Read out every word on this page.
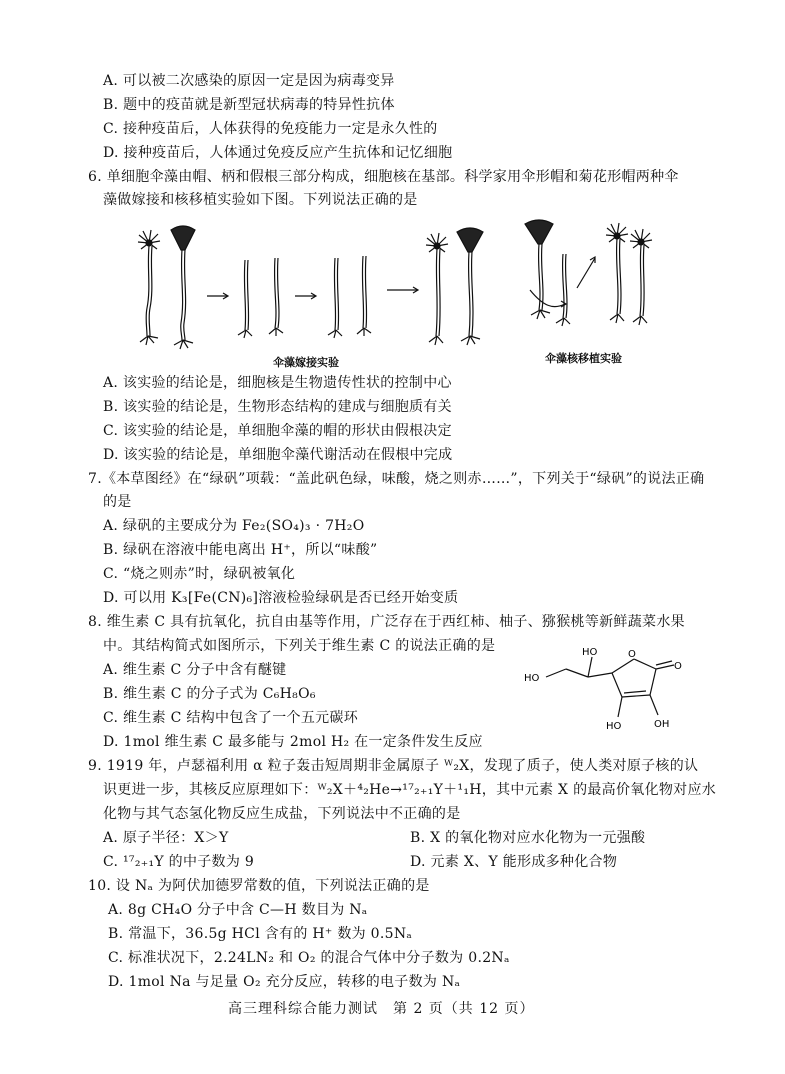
A. 可以被二次感染的原因一定是因为病毒变异
B. 题中的疫苗就是新型冠状病毒的特异性抗体
C. 接种疫苗后，人体获得的免疫能力一定是永久性的
D. 接种疫苗后，人体通过免疫反应产生抗体和记忆细胞
6. 单细胞伞藻由帽、柄和假根三部分构成，细胞核在基部。科学家用伞形帽和菊花形帽两种伞
藻做嫁接和核移植实验如下图。下列说法正确的是
伞藻嫁接实验	伞藻核移植实验
A. 该实验的结论是，细胞核是生物遗传性状的控制中心
B. 该实验的结论是，生物形态结构的建成与细胞质有关
C. 该实验的结论是，单细胞伞藻的帽的形状由假根决定
D. 该实验的结论是，单细胞伞藻代谢活动在假根中完成
7.《本草图经》在“绿矾”项载：“盖此矾色绿，味酸，烧之则赤……”，下列关于“绿矾”的说法正确
的是
A. 绿矾的主要成分为 Fe₂(SO₄)₃ · 7H₂O
B. 绿矾在溶液中能电离出 H⁺，所以“味酸”
C. “烧之则赤”时，绿矾被氧化
D. 可以用 K₃[Fe(CN)₆]溶液检验绿矾是否已经开始变质
8. 维生素 C 具有抗氧化，抗自由基等作用，广泛存在于西红柿、柚子、猕猴桃等新鲜蔬菜水果
中。其结构简式如图所示，下列关于维生素 C 的说法正确的是
A. 维生素 C 分子中含有醚键
B. 维生素 C 的分子式为 C₆H₈O₆
C. 维生素 C 结构中包含了一个五元碳环
D. 1mol 维生素 C 最多能与 2mol H₂ 在一定条件发生反应
HO
HO	O
O
HO	OH
9. 1919 年，卢瑟福利用 α 粒子轰击短周期非金属原子 ᵂ₂X，发现了质子，使人类对原子核的认
识更进一步，其核反应原理如下：ᵂ₂X＋⁴₂He→¹⁷₂₊₁Y＋¹₁H，其中元素 X 的最高价氧化物对应水
化物与其气态氢化物反应生成盐，下列说法中不正确的是
A. 原子半径：X＞Y	B. X 的氧化物对应水化物为一元强酸
C. ¹⁷₂₊₁Y 的中子数为 9	D. 元素 X、Y 能形成多种化合物
10. 设 Nₐ 为阿伏加德罗常数的值，下列说法正确的是
A. 8g CH₄O 分子中含 C—H 数目为 Nₐ
B. 常温下，36.5g HCl 含有的 H⁺ 数为 0.5Nₐ
C. 标准状况下，2.24LN₂ 和 O₂ 的混合气体中分子数为 0.2Nₐ
D. 1mol Na 与足量 O₂ 充分反应，转移的电子数为 Nₐ
高三理科综合能力测试　第 2 页（共 12 页）
